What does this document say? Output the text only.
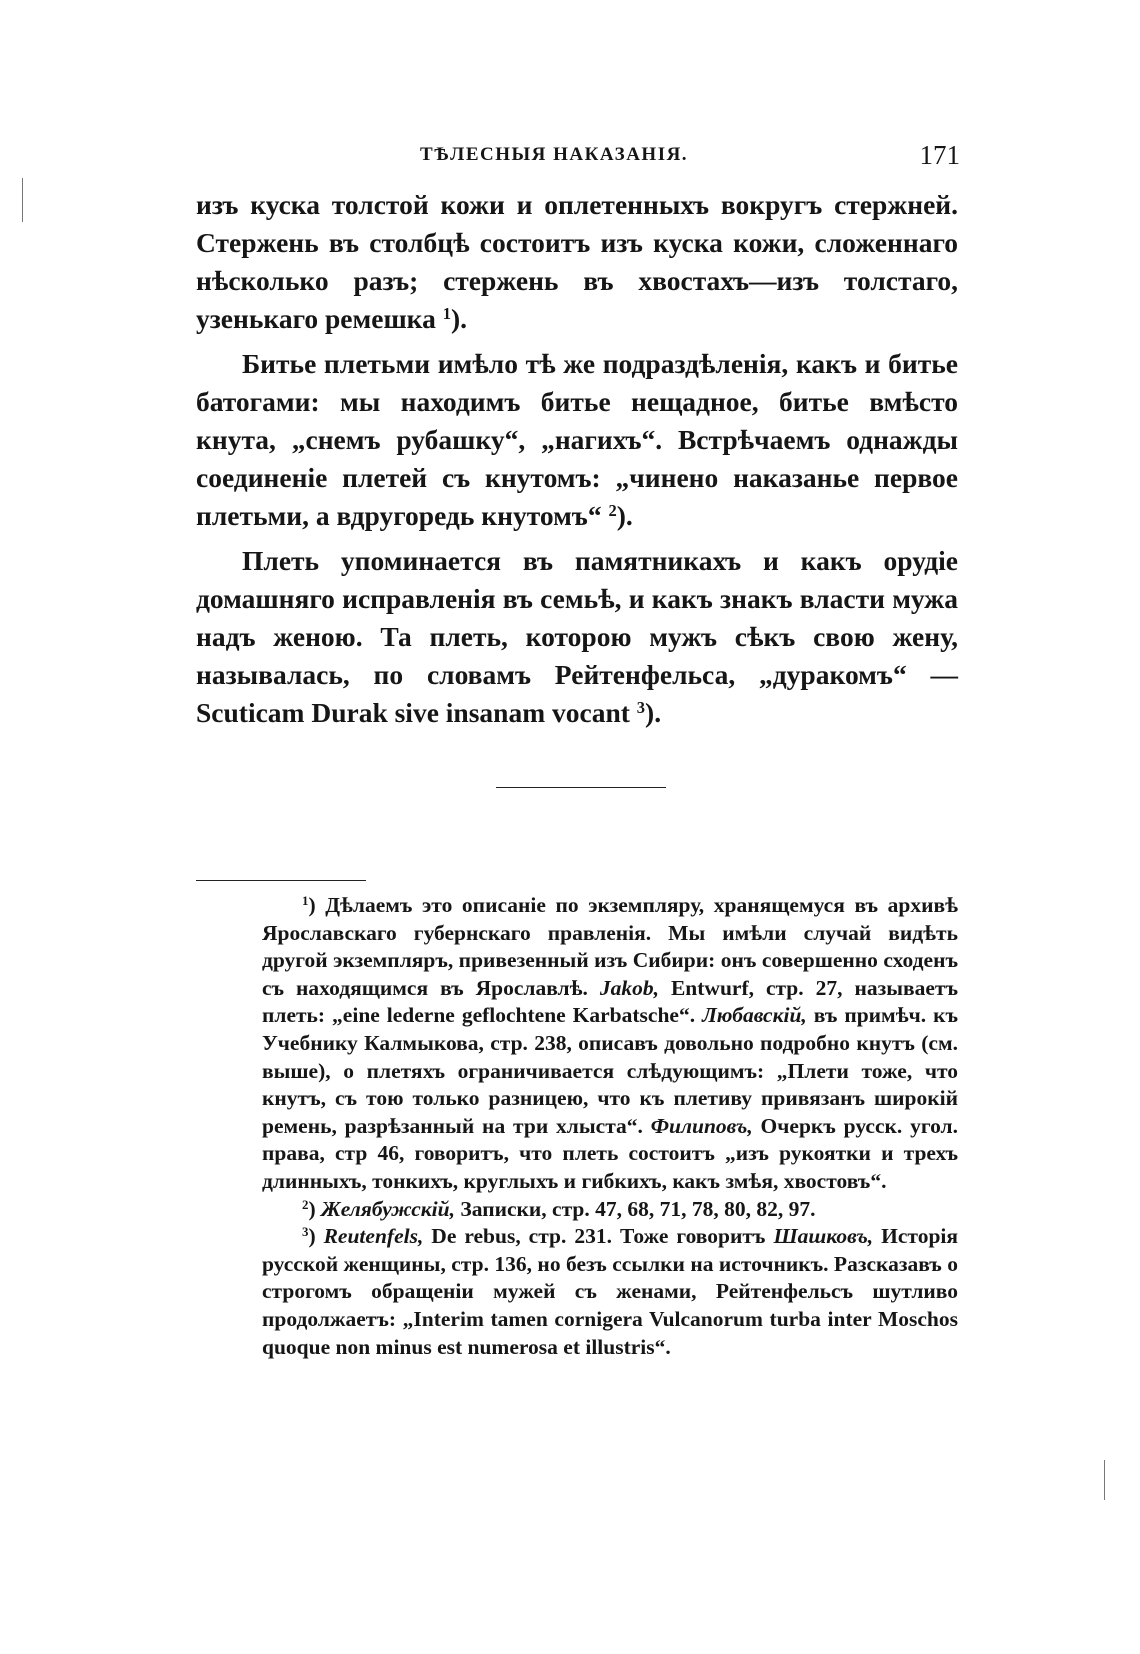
ТѢЛЕСНЫЯ НАКАЗАНІЯ.	171

изъ куска толстой кожи и оплетенныхъ вокругъ стержней. Стержень въ столбцѣ состоитъ изъ куска кожи, сложеннаго нѣсколько разъ; стержень въ хвостахъ—изъ толстаго, узенькаго ремешка $^1$).

Битье плетьми имѣло тѣ же подраздѣленія, какъ и битье батогами: мы находимъ битье нещадное, битье вмѣсто кнута, „снемъ рубашку“, „нагихъ“. Встрѣчаемъ однажды соединеніе плетей съ кнутомъ: „чинено наказанье первое плетьми, а вдругоредь кнутомъ“ $^2$).

Плеть упоминается въ памятникахъ и какъ орудіе домашняго исправленія въ семьѣ, и какъ знакъ власти мужа надъ женою. Та плеть, которою мужъ сѣкъ свою жену, называлась, по словамъ Рейтенфельса, „дуракомъ“ — Scuticam Durak sive insanam vocant $^3$).

$^1$) Дѣлаемъ это описаніе по экземпляру, хранящемуся въ архивѣ Ярославскаго губернскаго правленія. Мы имѣли случай видѣть другой экземпляръ, привезенный изъ Сибири: онъ совершенно сходенъ съ находящимся въ Ярославлѣ. Jakob, Entwurf, стр. 27, называетъ плеть: „eine lederne geflochtene Karbatsche“. Любавскій, въ примѣч. къ Учебнику Калмыкова, стр. 238, описавъ довольно подробно кнутъ (см. выше), о плетяхъ ограничивается слѣдующимъ: „Плети тоже, что кнутъ, съ тою только разницею, что къ плетиву привязанъ широкій ремень, разрѣзанный на три хлыста“. Филиповъ, Очеркъ русск. угол. права, стр 46, говоритъ, что плеть состоитъ „изъ рукоятки и трехъ длинныхъ, тонкихъ, круглыхъ и гибкихъ, какъ змѣя, хвостовъ“.

$^2$) Желябужскій, Записки, стр. 47, 68, 71, 78, 80, 82, 97.

$^3$) Reutenfels, De rebus, стр. 231. Тоже говоритъ Шашковъ, Исторія русской женщины, стр. 136, но безъ ссылки на источникъ. Разсказавъ о строгомъ обращеніи мужей съ женами, Рейтенфельсъ шутливо продолжаетъ: „Interim tamen cornigera Vulcanorum turba inter Moschos quoque non minus est numerosa et illustris“.
